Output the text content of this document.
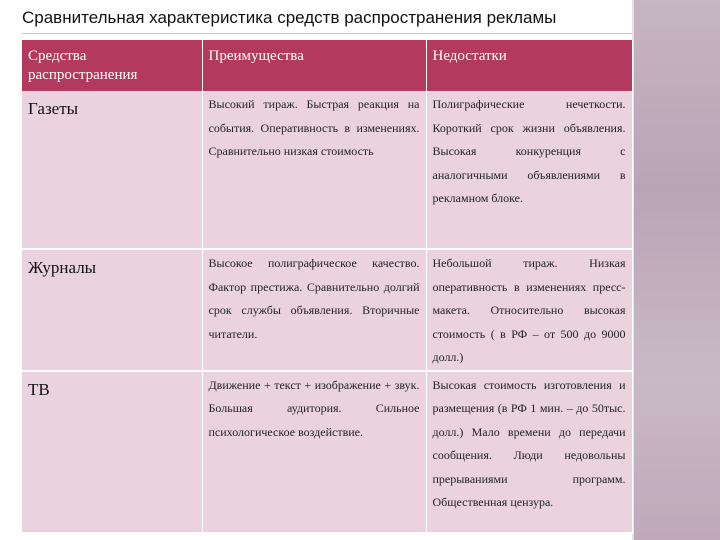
Сравнительная характеристика средств распространения рекламы
Средства распространения	Преимущества	Недостатки
Газеты	Высокий тираж. Быстрая реакция на события. Оперативность в изменениях. Сравнительно низкая стоимость	Полиграфические нечеткости. Короткий срок жизни объявления. Высокая конкуренция с аналогичными объявлениями в рекламном блоке.
Журналы	Высокое полиграфическое качество. Фактор престижа. Сравнительно долгий срок службы объявления. Вторичные читатели.	Небольшой тираж. Низкая оперативность в изменениях пресс-макета. Относительно высокая стоимость ( в РФ – от 500 до 9000 долл.)
ТВ	Движение + текст + изображение + звук. Большая аудитория. Сильное психологическое воздействие.	Высокая стоимость изготовления и размещения (в РФ 1 мин. – до 50тыс. долл.) Мало времени до передачи сообщения. Люди недовольны прерываниями программ. Общественная цензура.
